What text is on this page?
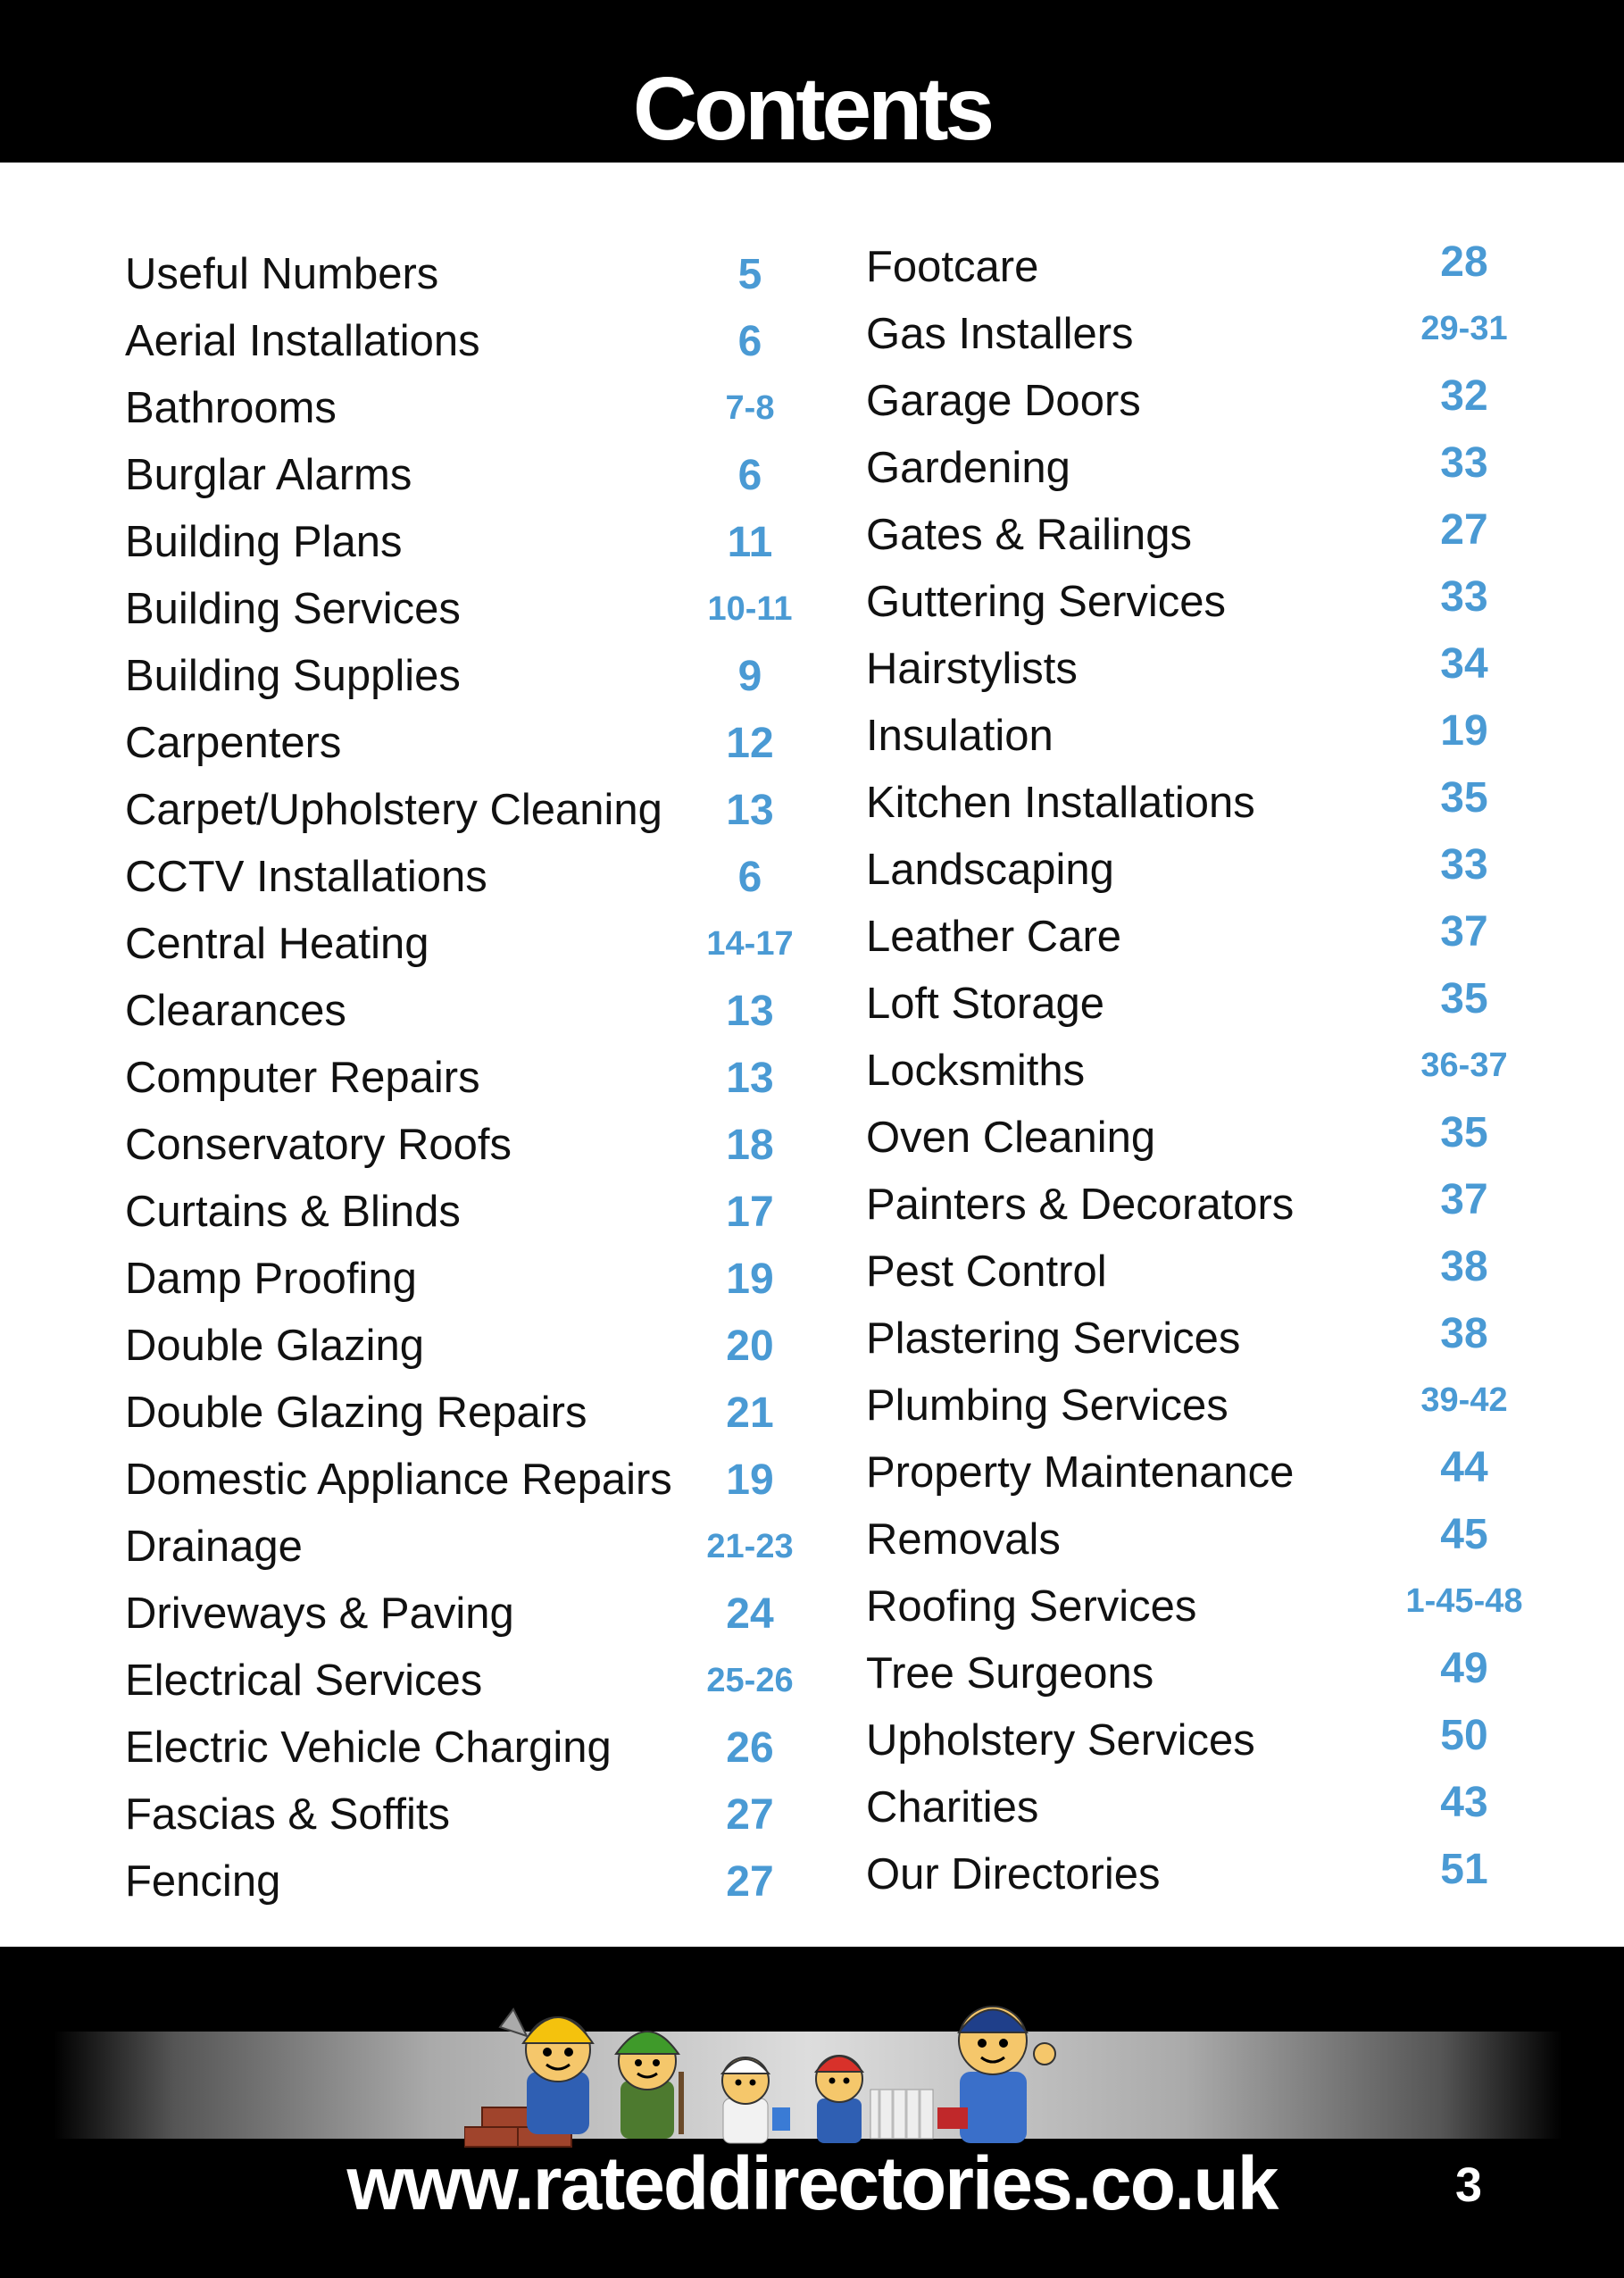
Contents
Useful Numbers	5
Aerial Installations	6
Bathrooms	7-8
Burglar Alarms	6
Building Plans	11
Building Services	10-11
Building Supplies	9
Carpenters	12
Carpet/Upholstery Cleaning 13
CCTV Installations	6
Central Heating	14-17
Clearances	13
Computer Repairs	13
Conservatory Roofs	18
Curtains & Blinds	17
Damp Proofing	19
Double Glazing	20
Double Glazing Repairs	21
Domestic Appliance Repairs 19
Drainage	21-23
Driveways & Paving	24
Electrical Services	25-26
Electric Vehicle Charging	26
Fascias & Soffits	27
Fencing	27
Footcare	28
Gas Installers	29-31
Garage Doors	32
Gardening	33
Gates & Railings	27
Guttering Services	33
Hairstylists	34
Insulation	19
Kitchen Installations	35
Landscaping	33
Leather Care	37
Loft Storage	35
Locksmiths	36-37
Oven Cleaning	35
Painters & Decorators	37
Pest Control	38
Plastering Services	38
Plumbing Services	39-42
Property Maintenance	44
Removals	45
Roofing Services	1-45-48
Tree Surgeons	49
Upholstery Services	50
Charities	43
Our Directories	51
www.rateddirectories.co.uk	3
